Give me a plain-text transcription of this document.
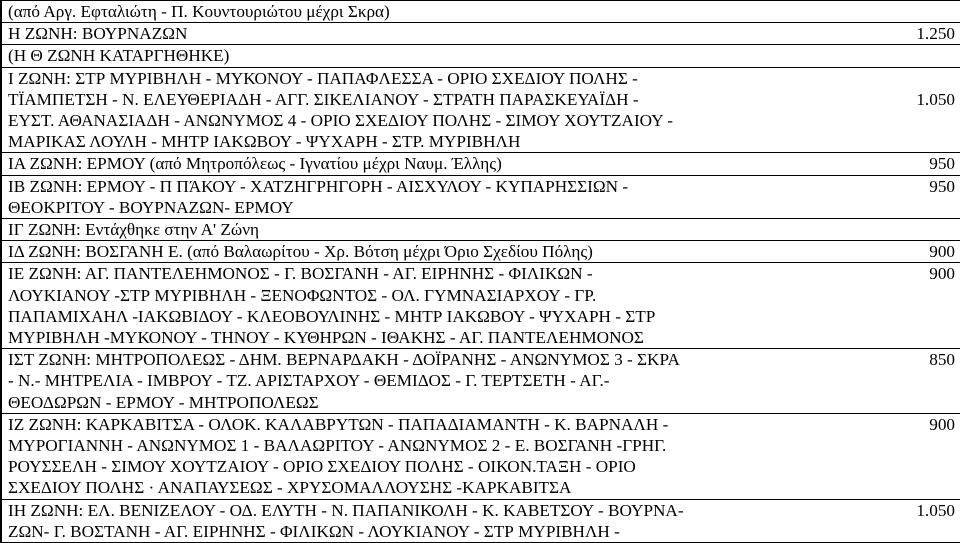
(από Αργ. Εφταλιώτη - Π. Κουντουριώτου μέχρι Σκρα)	

Η ΖΩΝΗ: ΒΟΥΡΝΑΖΩΝ	1.250

(Η Θ ΖΩΝΗ ΚΑΤΑΡΓΗΘΗΚΕ)	

Ι ΖΩΝΗ: ΣΤΡ ΜΥΡΙΒΗΛΗ - ΜΥΚΟΝΟΥ - ΠΑΠΑΦΛΕΣΣΑ - ΟΡΙΟ ΣΧΕΔΙΟΥ ΠΟΛΗΣ -
ΤΪΑΜΠΕΤΣΗ - Ν. ΕΛΕΥΘΕΡΙΑΔΗ - ΑΓΓ. ΣΙΚΕΛΙΑΝΟΥ - ΣΤΡΑΤΗ ΠΑΡΑΣΚΕΥΑΪΔΗ -
ΕΥΣΤ. ΑΘΑΝΑΣΙΑΔΗ - ΑΝΩΝΥΜΟΣ 4 - ΟΡΙΟ ΣΧΕΔΙΟΥ ΠΟΛΗΣ - ΣΙΜΟΥ ΧΟΥΤΖΑΙΟΥ -
ΜΑΡΙΚΑΣ ΛΟΥΛΗ - ΜΗΤΡ ΙΑΚΩΒΟΥ - ΨΥΧΑΡΗ - ΣΤΡ. ΜΥΡΙΒΗΛΗ	1.050

ΙΑ ΖΩΝΗ: ΕΡΜΟΥ (από Μητροπόλεως - Ιγνατίου μέχρι Ναυμ. Έλλης)	950

ΙΒ ΖΩΝΗ: ΕΡΜΟΥ - Π ΠΆΚΟΥ - ΧΑΤΖΗΓΡΗΓΟΡΗ - ΑΙΣΧΥΛΟΥ - ΚΥΠΑΡΗΣΣΙΩΝ -
ΘΕΟΚΡΙΤΟΥ - ΒΟΥΡΝΑΖΩΝ- ΕΡΜΟΥ	950

ΙΓ ΖΩΝΗ: Εντάχθηκε στην Α' Ζώνη	

ΙΔ ΖΩΝΗ: ΒΟΣΓΑΝΗ Ε. (από Βαλαωρίτου - Χρ. Βότση μέχρι Όριο Σχεδίου Πόλης)	900

ΙΕ ΖΩΝΗ: ΑΓ. ΠΑΝΤΕΛΕΗΜΟΝΟΣ - Γ. ΒΟΣΓΑΝΗ - ΑΓ. ΕΙΡΗΝΗΣ - ΦΙΛΙΚΩΝ -
ΛΟΥΚΙΑΝΟΥ -ΣΤΡ ΜΥΡΙΒΗΛΗ - ΞΕΝΟΦΩΝΤΟΣ - ΟΛ. ΓΥΜΝΑΣΙΑΡΧΟΥ - ΓΡ.
ΠΑΠΑΜΙΧΑΗΛ -ΙΑΚΩΒΙΔΟΥ - ΚΛΕΟΒΟΥΛΙΝΗΣ - ΜΗΤΡ ΙΑΚΩΒΟΥ - ΨΥΧΑΡΗ - ΣΤΡ
ΜΥΡΙΒΗΛΗ -ΜΥΚΟΝΟΥ - ΤΗΝΟΥ - ΚΥΘΗΡΩΝ - ΙΘΑΚΗΣ - ΑΓ. ΠΑΝΤΕΛΕΗΜΟΝΟΣ	900

ΙΣΤ ΖΩΝΗ: ΜΗΤΡΟΠΟΛΕΩΣ - ΔΗΜ. ΒΕΡΝΑΡΔΑΚΗ - ΔΟΪΡΑΝΗΣ - ΑΝΩΝΥΜΟΣ 3 - ΣΚΡΑ
- Ν.- ΜΗΤΡΕΛΙΑ - ΙΜΒΡΟΥ - ΤΖ. ΑΡΙΣΤΑΡΧΟΥ - ΘΕΜΙΔΟΣ - Γ. ΤΕΡΤΣΕΤΗ - ΑΓ.-
ΘΕΟΔΩΡΩΝ - ΕΡΜΟΥ - ΜΗΤΡΟΠΟΛΕΩΣ	850

ΙΖ ΖΩΝΗ: ΚΑΡΚΑΒΙΤΣΑ - ΟΛΟΚ. ΚΑΛΑΒΡΥΤΩΝ - ΠΑΠΑΔΙΑΜΑΝΤΗ - Κ. ΒΑΡΝΑΛΗ -
ΜΥΡΟΓΙΑΝΝΗ - ΑΝΩΝΥΜΟΣ 1 - ΒΑΛΑΩΡΙΤΟΥ - ΑΝΩΝΥΜΟΣ 2 - Ε. ΒΟΣΓΑΝΗ -ΓΡΗΓ.
ΡΟΥΣΣΕΛΗ - ΣΙΜΟΥ ΧΟΥΤΖΑΙΟΥ - ΟΡΙΟ ΣΧΕΔΙΟΥ ΠΟΛΗΣ - ΟΙΚΟΝ.ΤΑΞΗ - ΟΡΙΟ
ΣΧΕΔΙΟΥ ΠΟΛΗΣ · ΑΝΑΠΑΥΣΕΩΣ - ΧΡΥΣΟΜΑΛΛΟΥΣΗΣ -ΚΑΡΚΑΒΙΤΣΑ	900

ΙΗ ΖΩΝΗ: ΕΛ. ΒΕΝΙΖΕΛΟΥ - ΟΔ. ΕΛΥΤΗ - Ν. ΠΑΠΑΝΙΚΟΛΗ - Κ. ΚΑΒΕΤΣΟΥ - ΒΟΥΡΝΑ-
ΖΩΝ- Γ. ΒΟΣΤΑΝΗ - ΑΓ. ΕΙΡΗΝΗΣ - ΦΙΛΙΚΩΝ - ΛΟΥΚΙΑΝΟΥ - ΣΤΡ ΜΥΡΙΒΗΛΗ -	1.050
